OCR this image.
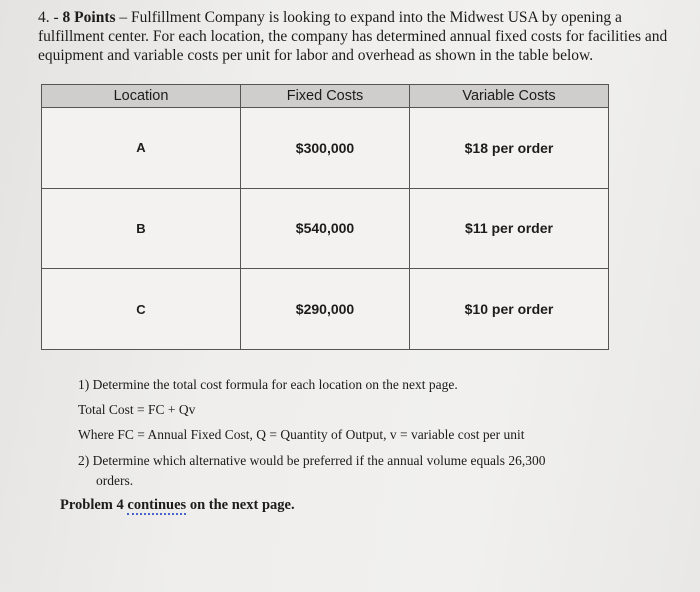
4. - 8 Points – Fulfillment Company is looking to expand into the Midwest USA by opening a fulfillment center. For each location, the company has determined annual fixed costs for facilities and equipment and variable costs per unit for labor and overhead as shown in the table below.
Location	Fixed Costs	Variable Costs
A	$300,000	$18 per order
B	$540,000	$11 per order
C	$290,000	$10 per order
1) Determine the total cost formula for each location on the next page.
Total Cost = FC + Qv
Where FC = Annual Fixed Cost, Q = Quantity of Output, v = variable cost per unit
2) Determine which alternative would be preferred if the annual volume equals 26,300
orders.
Problem 4 continues on the next page.
